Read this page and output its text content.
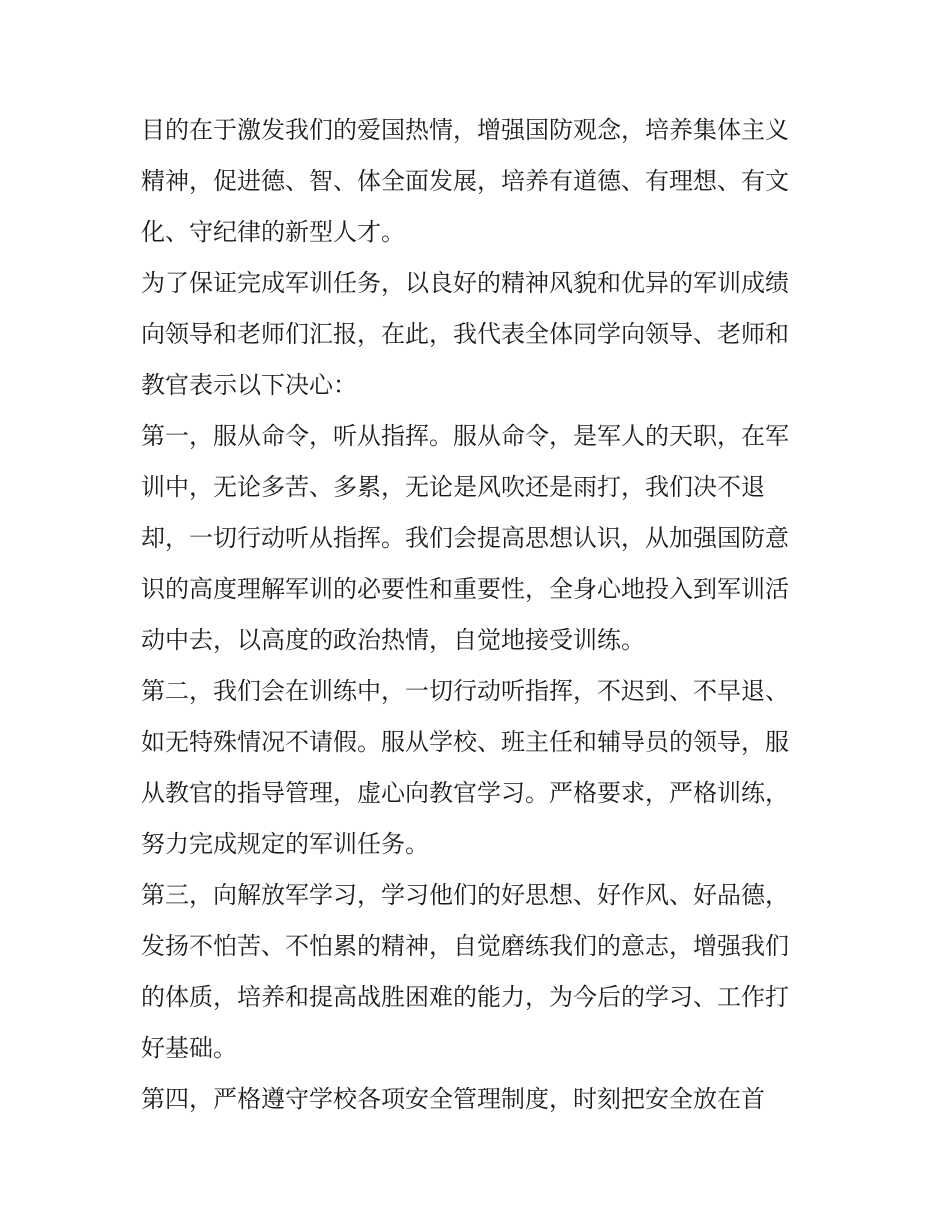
目的在于激发我们的爱国热情，增强国防观念，培养集体主义

精神，促进德、智、体全面发展，培养有道德、有理想、有文

化、守纪律的新型人才。

为了保证完成军训任务，以良好的精神风貌和优异的军训成绩

向领导和老师们汇报，在此，我代表全体同学向领导、老师和

教官表示以下决心：

第一，服从命令，听从指挥。服从命令，是军人的天职，在军

训中，无论多苦、多累，无论是风吹还是雨打，我们决不退

却，一切行动听从指挥。我们会提高思想认识，从加强国防意

识的高度理解军训的必要性和重要性，全身心地投入到军训活

动中去，以高度的政治热情，自觉地接受训练。

第二，我们会在训练中，一切行动听指挥，不迟到、不早退、

如无特殊情况不请假。服从学校、班主任和辅导员的领导，服

从教官的指导管理，虚心向教官学习。严格要求，严格训练，

努力完成规定的军训任务。

第三，向解放军学习，学习他们的好思想、好作风、好品德，

发扬不怕苦、不怕累的精神，自觉磨练我们的意志，增强我们

的体质，培养和提高战胜困难的能力，为今后的学习、工作打

好基础。

第四，严格遵守学校各项安全管理制度，时刻把安全放在首
